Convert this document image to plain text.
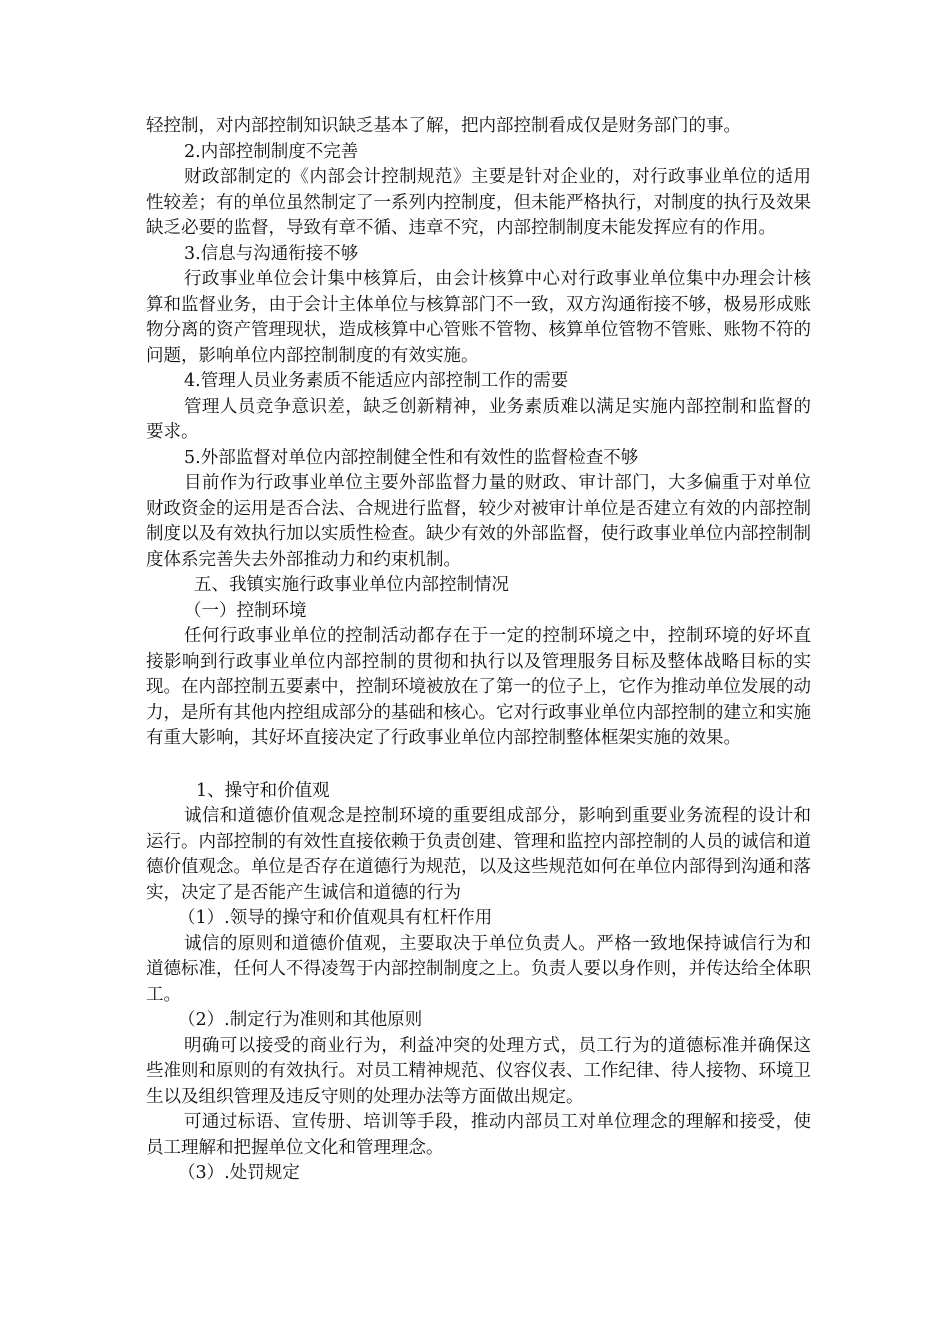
轻控制，对内部控制知识缺乏基本了解，把内部控制看成仅是财务部门的事。

2.内部控制制度不完善

财政部制定的《内部会计控制规范》主要是针对企业的，对行政事业单位的适用性较差；有的单位虽然制定了一系列内控制度，但未能严格执行，对制度的执行及效果缺乏必要的监督，导致有章不循、违章不究，内部控制制度未能发挥应有的作用。

3.信息与沟通衔接不够

行政事业单位会计集中核算后，由会计核算中心对行政事业单位集中办理会计核算和监督业务，由于会计主体单位与核算部门不一致，双方沟通衔接不够，极易形成账物分离的资产管理现状，造成核算中心管账不管物、核算单位管物不管账、账物不符的问题，影响单位内部控制制度的有效实施。

4.管理人员业务素质不能适应内部控制工作的需要

管理人员竞争意识差，缺乏创新精神，业务素质难以满足实施内部控制和监督的要求。

5.外部监督对单位内部控制健全性和有效性的监督检查不够

目前作为行政事业单位主要外部监督力量的财政、审计部门，大多偏重于对单位财政资金的运用是否合法、合规进行监督，较少对被审计单位是否建立有效的内部控制制度以及有效执行加以实质性检查。缺少有效的外部监督，使行政事业单位内部控制制度体系完善失去外部推动力和约束机制。

五、我镇实施行政事业单位内部控制情况

（一）控制环境

任何行政事业单位的控制活动都存在于一定的控制环境之中，控制环境的好坏直接影响到行政事业单位内部控制的贯彻和执行以及管理服务目标及整体战略目标的实现。在内部控制五要素中，控制环境被放在了第一的位子上，它作为推动单位发展的动力，是所有其他内控组成部分的基础和核心。它对行政事业单位内部控制的建立和实施有重大影响，其好坏直接决定了行政事业单位内部控制整体框架实施的效果。

1、操守和价值观

诚信和道德价值观念是控制环境的重要组成部分，影响到重要业务流程的设计和运行。内部控制的有效性直接依赖于负责创建、管理和监控内部控制的人员的诚信和道德价值观念。单位是否存在道德行为规范，以及这些规范如何在单位内部得到沟通和落实，决定了是否能产生诚信和道德的行为

（1）.领导的操守和价值观具有杠杆作用

诚信的原则和道德价值观，主要取决于单位负责人。严格一致地保持诚信行为和道德标准，任何人不得凌驾于内部控制制度之上。负责人要以身作则，并传达给全体职工。

（2）.制定行为准则和其他原则

明确可以接受的商业行为，利益冲突的处理方式，员工行为的道德标准并确保这些准则和原则的有效执行。对员工精神规范、仪容仪表、工作纪律、待人接物、环境卫生以及组织管理及违反守则的处理办法等方面做出规定。

可通过标语、宣传册、培训等手段，推动内部员工对单位理念的理解和接受，使员工理解和把握单位文化和管理理念。

（3）.处罚规定
